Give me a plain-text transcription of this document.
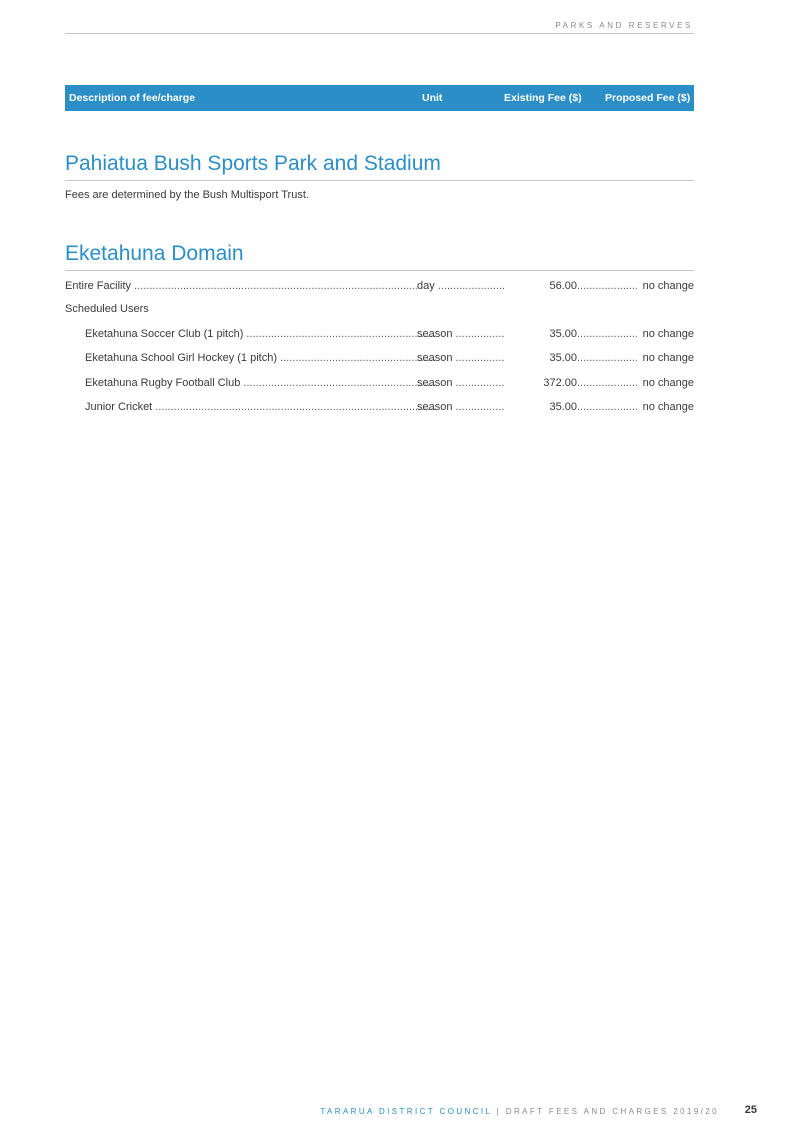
PARKS AND RESERVES
Description of fee/charge	Unit	Existing Fee ($) Proposed Fee ($)
Pahiatua Bush Sports Park and Stadium
Fees are determined by the Bush Multisport Trust.
Eketahuna Domain
Entire Facility .....	day .....	56.00 .....	no change
Scheduled Users
Eketahuna Soccer Club (1 pitch) .....	season .....	35.00 .....	no change
Eketahuna School Girl Hockey (1 pitch) .....	season .....	35.00 .....	no change
Eketahuna Rugby Football Club .....	season .....	372.00 .....	no change
Junior Cricket .....	season .....	35.00 .....	no change
TARARUA DISTRICT COUNCIL | DRAFT FEES AND CHARGES 2019/20 25
